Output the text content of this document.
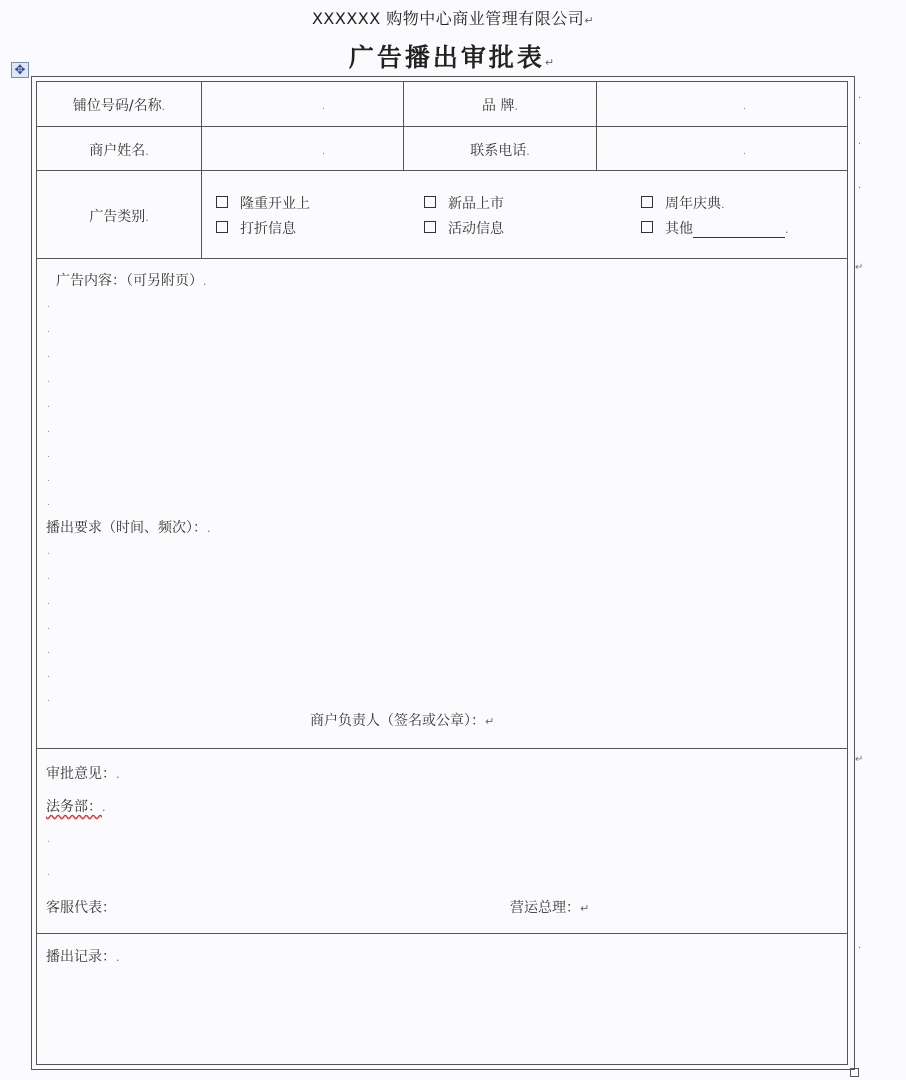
XXXXXX 购物中心商业管理有限公司↵
广告播出审批表↵
✥
铺位号码/名称.	.	品 牌.	.
商户姓名.	.	联系电话.	.
广告类别.
隆重开业上	新品上市	周年庆典.
打折信息	活动信息	其他	.
广告内容：（可另附页）.
.
.
.
.
.
.
.
.
.
播出要求（时间、频次）：.
.
.
.
.
.
.
.
商户负责人（签名或公章）：↵
审批意见：.
法务部：.
.
.
客服代表：	营运总理：↵
播出记录：.
.
.
.
↵
↵
.
